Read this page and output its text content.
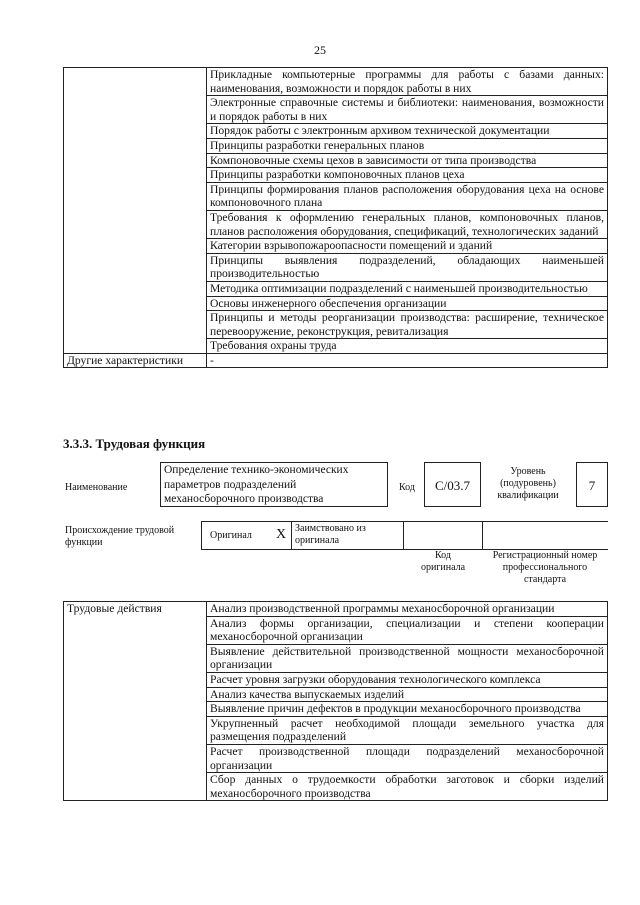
25
	Прикладные компьютерные программы для работы с базами данных: наименования, возможности и порядок работы в них
	Электронные справочные системы и библиотеки: наименования, возможности и порядок работы в них
	Порядок работы с электронным архивом технической документации
	Принципы разработки генеральных планов
	Компоновочные схемы цехов в зависимости от типа производства
	Принципы разработки компоновочных планов цеха
	Принципы формирования планов расположения оборудования цеха на основе компоновочного плана
	Требования к оформлению генеральных планов, компоновочных планов, планов расположения оборудования, спецификаций, технологических заданий
	Категории взрывопожароопасности помещений и зданий
	Принципы выявления подразделений, обладающих наименьшей производительностью
	Методика оптимизации подразделений с наименьшей производительностью
	Основы инженерного обеспечения организации
	Принципы и методы реорганизации производства: расширение, техническое перевооружение, реконструкция, ревитализация
	Требования охраны труда
Другие характеристики	-
3.3.3. Трудовая функция
Наименование
Определение технико-экономических параметров подразделений механосборочного производства
Код	C/03.7
Уровень (подуровень) квалификации
7
Происхождение трудовой функции
Оригинал X Заимствовано из оригинала
Код оригинала
Регистрационный номер профессионального стандарта
Трудовые действия	Анализ производственной программы механосборочной организации
Анализ формы организации, специализации и степени кооперации механосборочной организации
Выявление действительной производственной мощности механосборочной организации
Расчет уровня загрузки оборудования технологического комплекса
Анализ качества выпускаемых изделий
Выявление причин дефектов в продукции механосборочного производства
Укрупненный расчет необходимой площади земельного участка для размещения подразделений
Расчет производственной площади подразделений механосборочной организации
Сбор данных о трудоемкости обработки заготовок и сборки изделий механосборочного производства
